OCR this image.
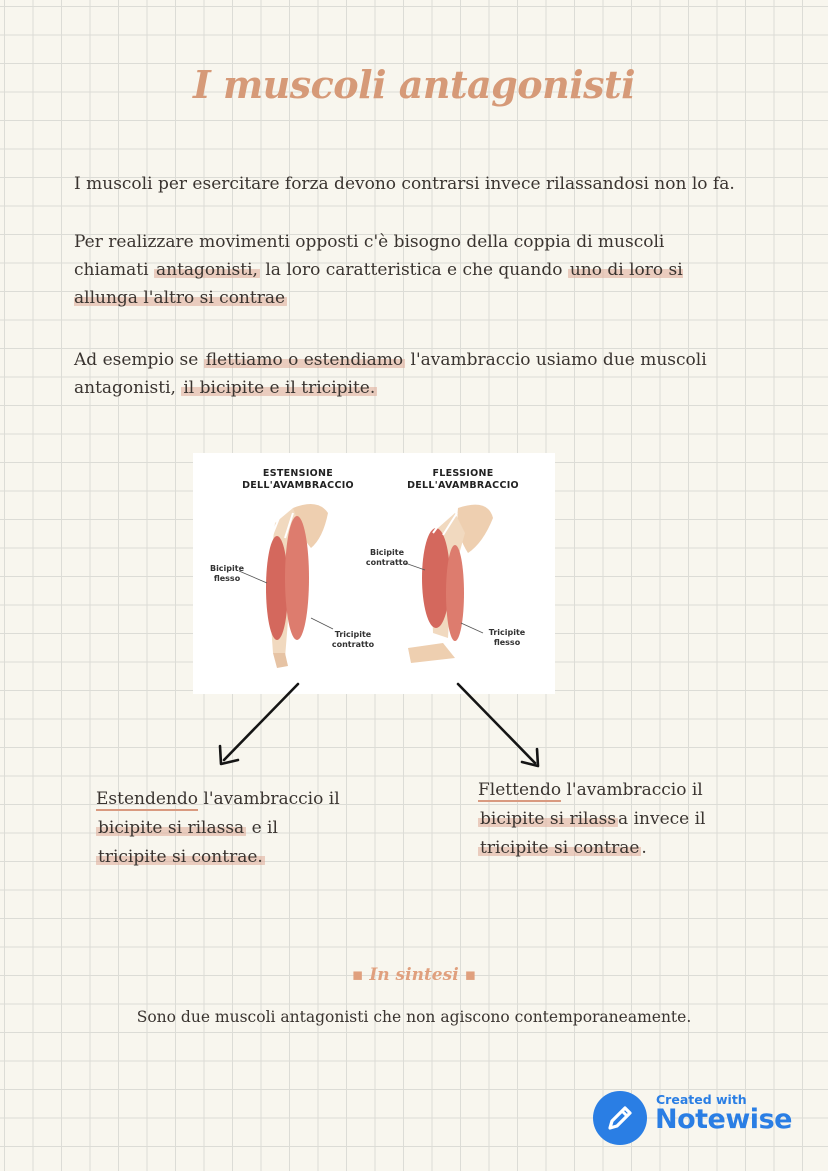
I muscoli antagonisti
I muscoli per esercitare forza devono contrarsi invece rilassandosi non lo fa.
Per realizzare movimenti opposti c'è bisogno della coppia di muscoli chiamati antagonisti, la loro caratteristica e che quando uno di loro si allunga l'altro si contrae
Ad esempio se flettiamo o estendiamo l'avambraccio usiamo due muscoli antagonisti, il bicipite e il tricipite.
ESTENSIONE
DELL'AVAMBRACCIO
FLESSIONE
DELL'AVAMBRACCIO
Bicipite
flesso
Tricipite
contratto
Bicipite
contratto
Tricipite
flesso
Estendendo l'avambraccio il
bicipite si rilassa e il
tricipite si contrae.
Flettendo l'avambraccio il
bicipite si rilass a invece il
tricipite si contrae .
▪ In sintesi ▪
Sono due muscoli antagonisti che non agiscono contemporaneamente.
Created with
Notewise
